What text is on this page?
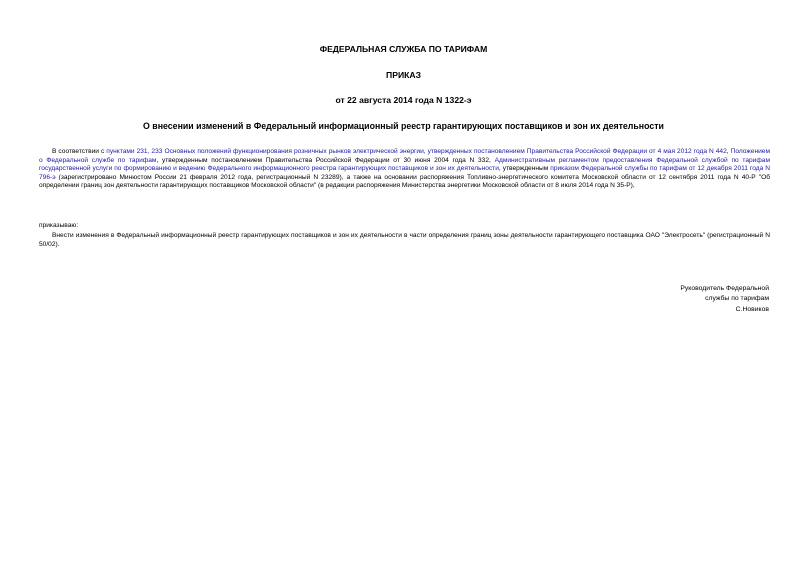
ФЕДЕРАЛЬНАЯ СЛУЖБА ПО ТАРИФАМ
ПРИКАЗ
от 22 августа 2014 года N 1322-э
О внесении изменений в Федеральный информационный реестр гарантирующих поставщиков и зон их деятельности
В соответствии с пунктами 231, 233 Основных положений функционирования розничных рынков электрической энергии, утвержденных постановлением Правительства Российской Федерации от 4 мая 2012 года N 442, Положением о Федеральной службе по тарифам, утвержденным постановлением Правительства Российской Федерации от 30 июня 2004 года N 332, Административным регламентом предоставления Федеральной службой по тарифам государственной услуги по формированию и ведению Федерального информационного реестра гарантирующих поставщиков и зон их деятельности, утвержденным приказом Федеральной службы по тарифам от 12 декабря 2011 года N 796-э (зарегистрировано Минюстом России 21 февраля 2012 года, регистрационный N 23289), а также на основании распоряжения Топливно-энергетического комитета Московской области от 12 сентября 2011 года N 40-Р "Об определении границ зон деятельности гарантирующих поставщиков Московской области" (в редакции распоряжения Министерства энергетики Московской области от 8 июля 2014 года N 35-Р),
приказываю:
Внести изменения в Федеральный информационный реестр гарантирующих поставщиков и зон их деятельности в части определения границ зоны деятельности гарантирующего поставщика ОАО "Электросеть" (регистрационный N 50/02).
Руководитель Федеральной
службы по тарифам
С.Новиков
